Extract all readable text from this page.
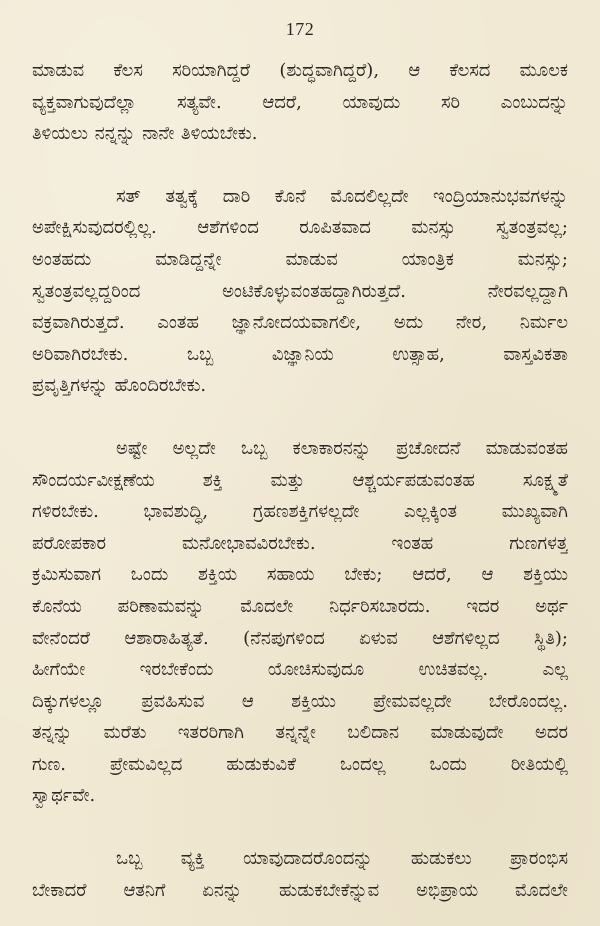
172
ಮಾಡುವ ಕೆಲಸ ಸರಿಯಾಗಿದ್ದರೆ (ಶುದ್ಧವಾಗಿದ್ದರೆ), ಆ ಕೆಲಸದ ಮೂಲಕ
ವ್ಯಕ್ತವಾಗುವುದೆಲ್ಲಾ ಸತ್ಯವೇ. ಆದರೆ, ಯಾವುದು ಸರಿ ಎಂಬುದನ್ನು
ತಿಳಿಯಲು ನನ್ನನ್ನು ನಾನೇ ತಿಳಿಯಬೇಕು.
ಸತ್ ತತ್ವಕ್ಕೆ ದಾರಿ ಕೊನೆ ಮೊದಲಿಲ್ಲದೇ ಇಂದ್ರಿಯಾನುಭವಗಳನ್ನು
ಅಪೇಕ್ಷಿಸುವುದರಲ್ಲಿಲ್ಲ. ಆಶೆಗಳಿಂದ ರೂಪಿತವಾದ ಮನಸ್ಸು ಸ್ವತಂತ್ರವಲ್ಲ;
ಅಂತಹದು ಮಾಡಿದ್ದನ್ನೇ ಮಾಡುವ ಯಾಂತ್ರಿಕ ಮನಸ್ಸು;
ಸ್ವತಂತ್ರವಲ್ಲದ್ದರಿಂದ ಅಂಟಿಕೊಳ್ಳುವಂತಹದ್ದಾಗಿರುತ್ತದೆ. ನೇರವಲ್ಲದ್ದಾಗಿ
ವಕ್ರವಾಗಿರುತ್ತದೆ. ಎಂತಹ ಜ್ಞಾನೋದಯವಾಗಲೀ, ಅದು ನೇರ, ನಿರ್ಮಲ
ಅರಿವಾಗಿರಬೇಕು. ಒಬ್ಬ ವಿಜ್ಞಾನಿಯ ಉತ್ಸಾಹ, ವಾಸ್ತವಿಕತಾ
ಪ್ರವೃತ್ತಿಗಳನ್ನು ಹೊಂದಿರಬೇಕು.
ಅಷ್ಟೇ ಅಲ್ಲದೇ ಒಬ್ಬ ಕಲಾಕಾರನನ್ನು ಪ್ರಚೋದನೆ ಮಾಡುವಂತಹ
ಸೌಂದರ್ಯವೀಕ್ಷಣೆಯ ಶಕ್ತಿ ಮತ್ತು ಆಶ್ಚರ್ಯಪಡುವಂತಹ ಸೂಕ್ಷ್ಮತೆ
ಗಳಿರಬೇಕು. ಭಾವಶುದ್ಧಿ, ಗ್ರಹಣಶಕ್ತಿಗಳಲ್ಲದೇ ಎಲ್ಲಕ್ಕಿಂತ ಮುಖ್ಯವಾಗಿ
ಪರೋಪಕಾರ ಮನೋಭಾವವಿರಬೇಕು. ಇಂತಹ ಗುಣಗಳತ್ತ
ಕ್ರಮಿಸುವಾಗ ಒಂದು ಶಕ್ತಿಯ ಸಹಾಯ ಬೇಕು; ಆದರೆ, ಆ ಶಕ್ತಿಯು
ಕೊನೆಯ ಪರಿಣಾಮವನ್ನು ಮೊದಲೇ ನಿರ್ಧರಿಸಬಾರದು. ಇದರ ಅರ್ಥ
ವೇನೆಂದರೆ ಆಶಾರಾಹಿತ್ಯತೆ. (ನೆನಪುಗಳಿಂದ ಏಳುವ ಆಶೆಗಳಿಲ್ಲದ ಸ್ಥಿತಿ);
ಹೀಗೆಯೇ ಇರಬೇಕೆಂದು ಯೋಚಿಸುವುದೂ ಉಚಿತವಲ್ಲ. ಎಲ್ಲ
ದಿಕ್ಕುಗಳಲ್ಲೂ ಪ್ರವಹಿಸುವ ಆ ಶಕ್ತಿಯು ಪ್ರೇಮವಲ್ಲದೇ ಬೇರೊಂದಲ್ಲ.
ತನ್ನನ್ನು ಮರೆತು ಇತರರಿಗಾಗಿ ತನ್ನನ್ನೇ ಬಲಿದಾನ ಮಾಡುವುದೇ ಅದರ
ಗುಣ. ಪ್ರೇಮವಿಲ್ಲದ ಹುಡುಕುವಿಕೆ ಒಂದಲ್ಲ ಒಂದು ರೀತಿಯಲ್ಲಿ
ಸ್ವಾರ್ಥವೇ.
ಒಬ್ಬ ವ್ಯಕ್ತಿ ಯಾವುದಾದರೊಂದನ್ನು ಹುಡುಕಲು ಪ್ರಾರಂಭಿಸ
ಬೇಕಾದರೆ ಆತನಿಗೆ ಏನನ್ನು ಹುಡುಕಬೇಕೆನ್ನುವ ಅಭಿಪ್ರಾಯ ಮೊದಲೇ
